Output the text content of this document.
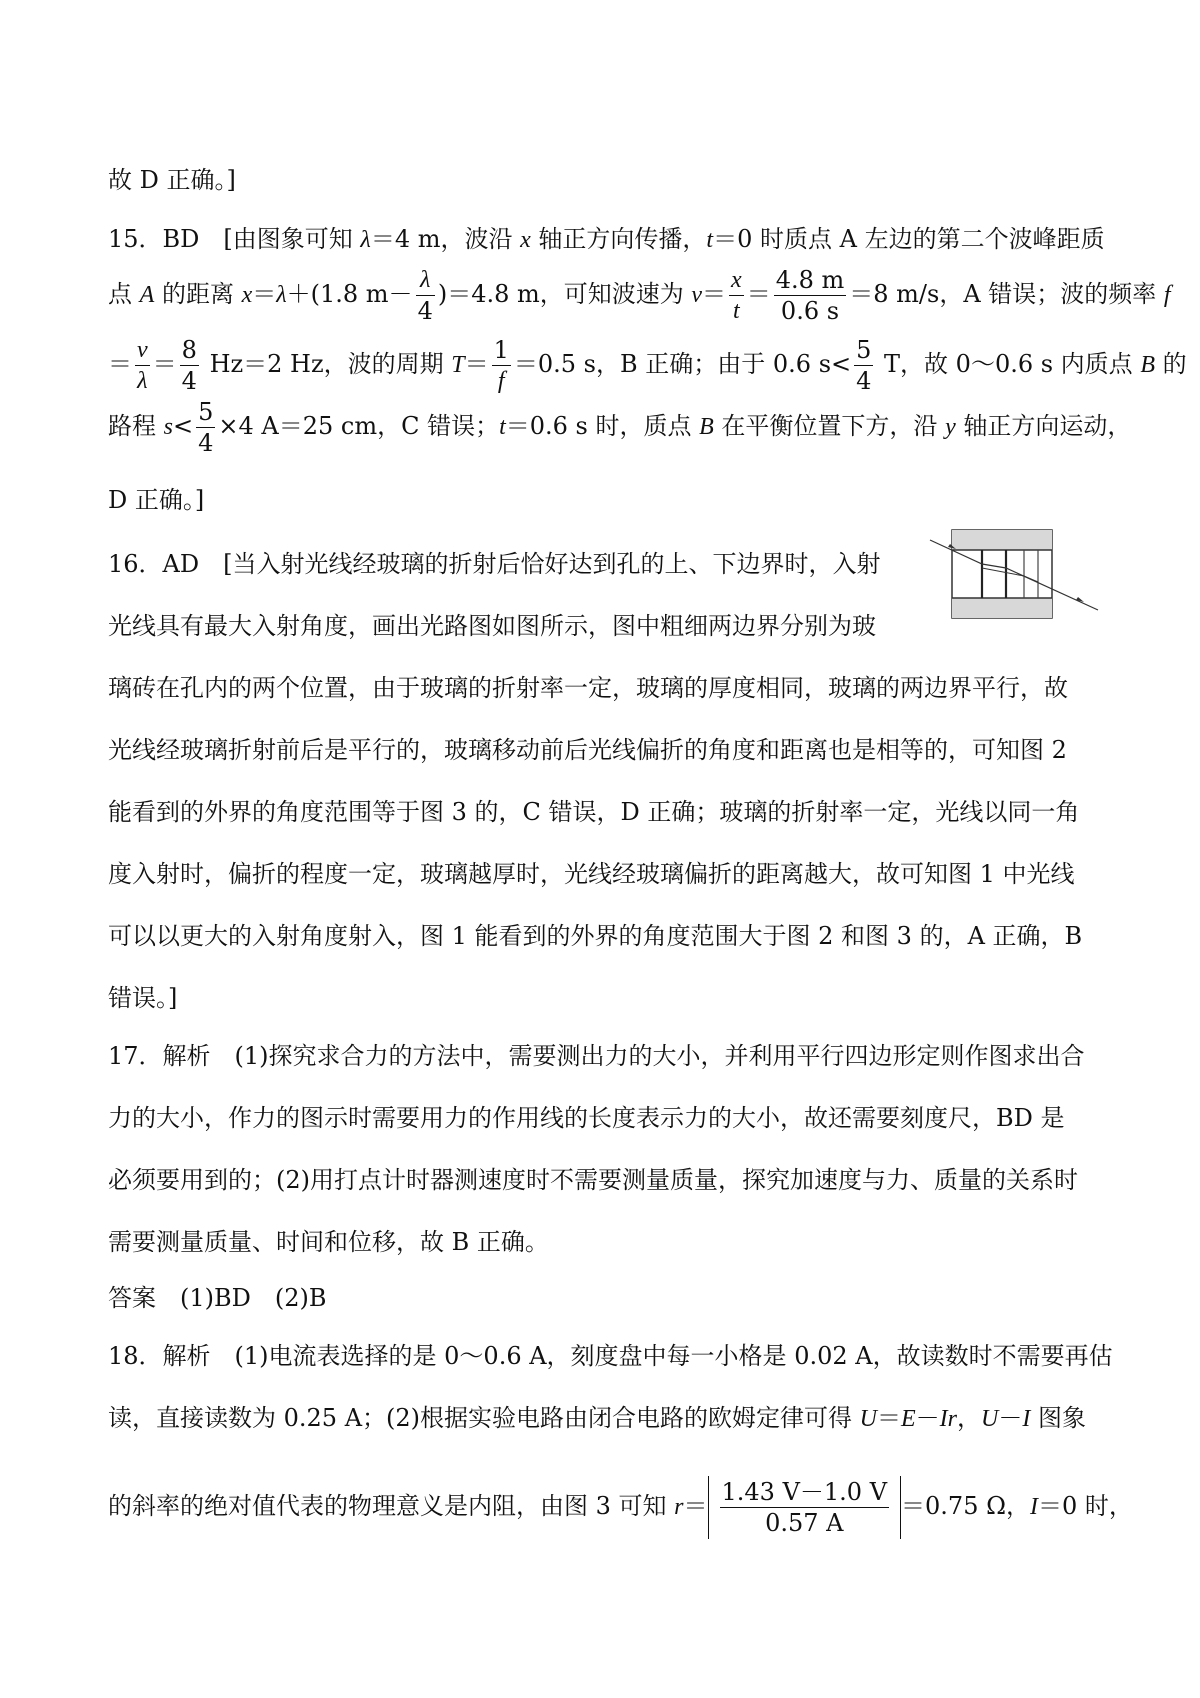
故 D 正确。]
15．BD　 [由图象可知 λ＝4 m，波沿 x 轴正方向传播，t＝0 时质点 A 左边的第二个波峰距质
点 A 的距离 x＝λ＋(1.8 $m- \frac{\lambda}{4} )=4.8$ m，可知波速为 $v= \frac{x}{t} = \frac{4.8 m}{0.6 s} =8$ m/s，A 错误；波的频率 f
＝ $\frac{v}{\lambda} = \frac{8}{4} Hz=2$ Hz，波的周期 $T= \frac{1}{f} =0.5$ s，B 正确；由于 0.6 $s< \frac{5}{4}$ T，故 0～0.6 s 内质点 B 的
路程 $s< \frac{5}{4} \times 4$ A＝25 cm，C 错误；t＝0.6 s 时，质点 B 在平衡位置下方，沿 y 轴正方向运动，
D 正确。]
16．AD　[当入射光线经玻璃的折射后恰好达到孔的上、下边界时，入射
光线具有最大入射角度，画出光路图如图所示，图中粗细两边界分别为玻
璃砖在孔内的两个位置，由于玻璃的折射率一定，玻璃的厚度相同，玻璃的两边界平行，故
光线经玻璃折射前后是平行的，玻璃移动前后光线偏折的角度和距离也是相等的，可知图 2
能看到的外界的角度范围等于图 3 的，C 错误，D 正确；玻璃的折射率一定，光线以同一角
度入射时，偏折的程度一定，玻璃越厚时，光线经玻璃偏折的距离越大，故可知图 1 中光线
可以以更大的入射角度射入，图 1 能看到的外界的角度范围大于图 2 和图 3 的，A 正确，B
错误。]
17．解析　(1)探究求合力的方法中，需要测出力的大小，并利用平行四边形定则作图求出合
力的大小，作力的图示时需要用力的作用线的长度表示力的大小，故还需要刻度尺，BD 是
必须要用到的；(2)用打点计时器测速度时不需要测量质量，探究加速度与力、质量的关系时
需要测量质量、时间和位移，故 B 正确。
答案　(1)BD　(2)B
18．解析　(1)电流表选择的是 0～0.6 A，刻度盘中每一小格是 0.02 A，故读数时不需要再估
读，直接读数为 0.25 A；(2)根据实验电路由闭合电路的欧姆定律可得 U＝E－Ir，U－I 图象
的斜率的绝对值代表的物理意义是内阻，由图 3 可知 $r= \frac{1.43 V-1.0 V}{0.57 A} =0.75$ Ω，I＝0 时，
